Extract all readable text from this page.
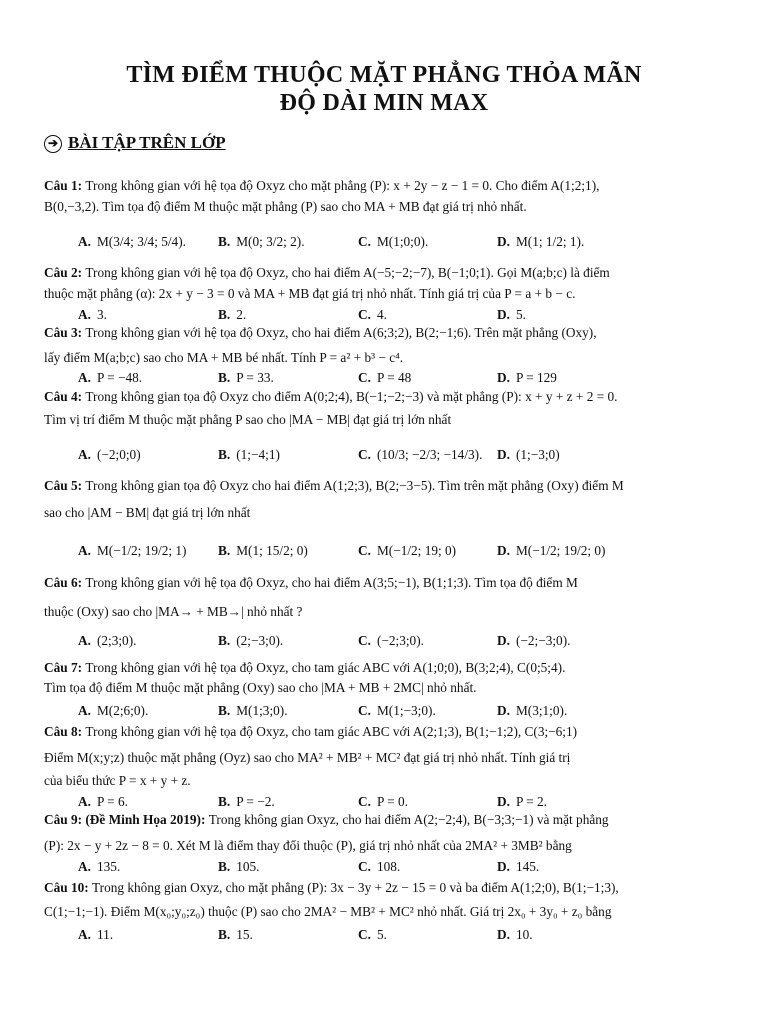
TÌM ĐIỂM THUỘC MẶT PHẲNG THỎA MÃN
ĐỘ DÀI MIN MAX
➔ BÀI TẬP TRÊN LỚP
Câu 1: Trong không gian với hệ tọa độ Oxyz cho mặt phẳng (P): x + 2y − z − 1 = 0. Cho điểm A(1;2;1),
B(0,−3,2). Tìm tọa độ điểm M thuộc mặt phẳng (P) sao cho MA + MB đạt giá trị nhỏ nhất.
A. M(3/4; 3/4; 5/4). B. M(0; 3/2; 2).	C. M(1;0;0).	D. M(1; 1/2; 1).
Câu 2: Trong không gian với hệ tọa độ Oxyz, cho hai điểm A(−5;−2;−7), B(−1;0;1). Gọi M(a;b;c) là điểm
thuộc mặt phẳng (α): 2x + y − 3 = 0 và MA + MB đạt giá trị nhỏ nhất. Tính giá trị của P = a + b − c.
A. 3.	B. 2.	C. 4.	D. 5.
Câu 3: Trong không gian với hệ tọa độ Oxyz, cho hai điểm A(6;3;2), B(2;−1;6). Trên mặt phẳng (Oxy),
lấy điểm M(a;b;c) sao cho MA + MB bé nhất. Tính P = a² + b³ − c⁴.
A. P = −48.	B. P = 33.	C. P = 48	D. P = 129
Câu 4: Trong không gian tọa độ Oxyz cho điểm A(0;2;4), B(−1;−2;−3) và mặt phẳng (P): x + y + z + 2 = 0.
Tìm vị trí điểm M thuộc mặt phẳng P sao cho |MA − MB| đạt giá trị lớn nhất
A. (−2;0;0)	B. (1;−4;1)	C. (10/3; −2/3; −14/3). D. (1;−3;0)
Câu 5: Trong không gian tọa độ Oxyz cho hai điểm A(1;2;3), B(2;−3−5). Tìm trên mặt phẳng (Oxy) điểm M
sao cho |AM − BM| đạt giá trị lớn nhất
A. M(−1/2; 19/2; 1) B. M(1; 15/2; 0)	C. M(−1/2; 19; 0)	D. M(−1/2; 19/2; 0)
Câu 6: Trong không gian với hệ tọa độ Oxyz, cho hai điểm A(3;5;−1), B(1;1;3). Tìm tọa độ điểm M
thuộc (Oxy) sao cho |MA→ + MB→| nhỏ nhất ?
A. (2;3;0).	B. (2;−3;0).	C. (−2;3;0).	D. (−2;−3;0).
Câu 7: Trong không gian với hệ tọa độ Oxyz, cho tam giác ABC với A(1;0;0), B(3;2;4), C(0;5;4).
Tìm tọa độ điểm M thuộc mặt phẳng (Oxy) sao cho |MA + MB + 2MC| nhỏ nhất.
A. M(2;6;0).	B. M(1;3;0).	C. M(1;−3;0).	D. M(3;1;0).
Câu 8: Trong không gian với hệ tọa độ Oxyz, cho tam giác ABC với A(2;1;3), B(1;−1;2), C(3;−6;1)
Điểm M(x;y;z) thuộc mặt phẳng (Oyz) sao cho MA² + MB² + MC² đạt giá trị nhỏ nhất. Tính giá trị
của biểu thức P = x + y + z.
A. P = 6.	B. P = −2.	C. P = 0.	D. P = 2.
Câu 9: (Đề Minh Họa 2019): Trong không gian Oxyz, cho hai điểm A(2;−2;4), B(−3;3;−1) và mặt phẳng
(P): 2x − y + 2z − 8 = 0. Xét M là điểm thay đổi thuộc (P), giá trị nhỏ nhất của 2MA² + 3MB² bằng
A. 135.	B. 105.	C. 108.	D. 145.
Câu 10: Trong không gian Oxyz, cho mặt phẳng (P): 3x − 3y + 2z − 15 = 0 và ba điểm A(1;2;0), B(1;−1;3),
C(1;−1;−1). Điểm M(x₀;y₀;z₀) thuộc (P) sao cho 2MA² − MB² + MC² nhỏ nhất. Giá trị 2x₀ + 3y₀ + z₀ bằng
A. 11.	B. 15.	C. 5.	D. 10.
